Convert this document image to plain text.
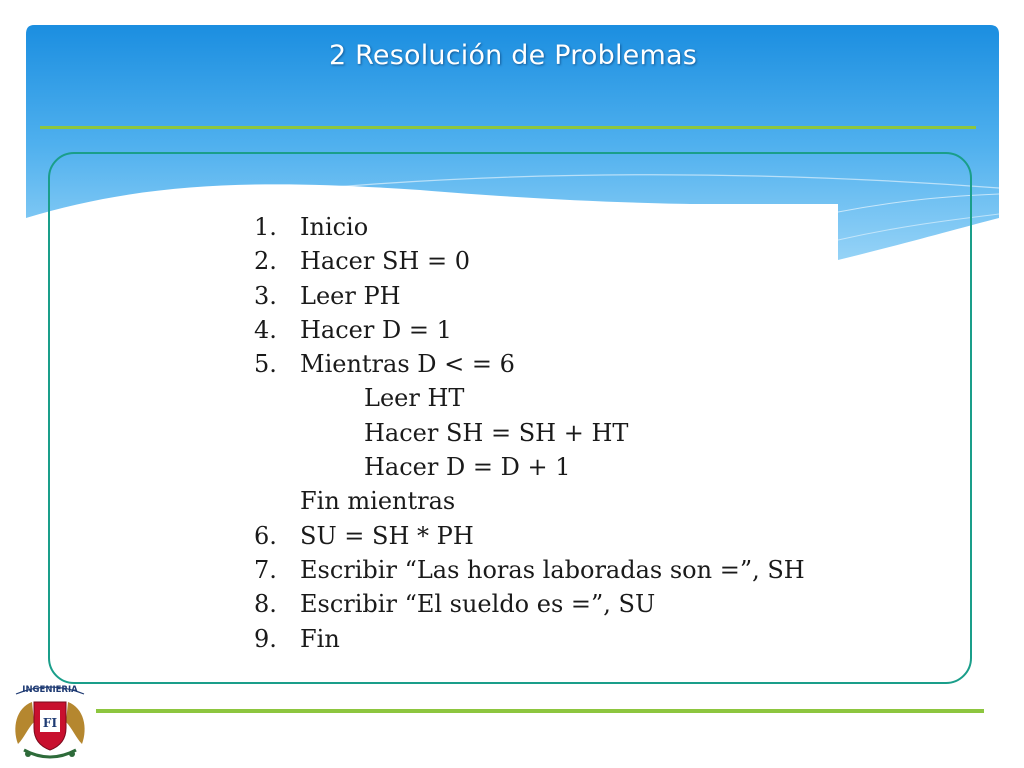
2 Resolución de Problemas
1. Inicio
2. Hacer SH = 0
3. Leer PH
4. Hacer D = 1
5. Mientras D < = 6
Leer HT
Hacer SH = SH + HT
Hacer D = D + 1
Fin mientras
6. SU = SH * PH
7. Escribir “Las horas laboradas son =”, SH
8. Escribir “El sueldo es =”, SU
9. Fin
INGENIERIA
FI
